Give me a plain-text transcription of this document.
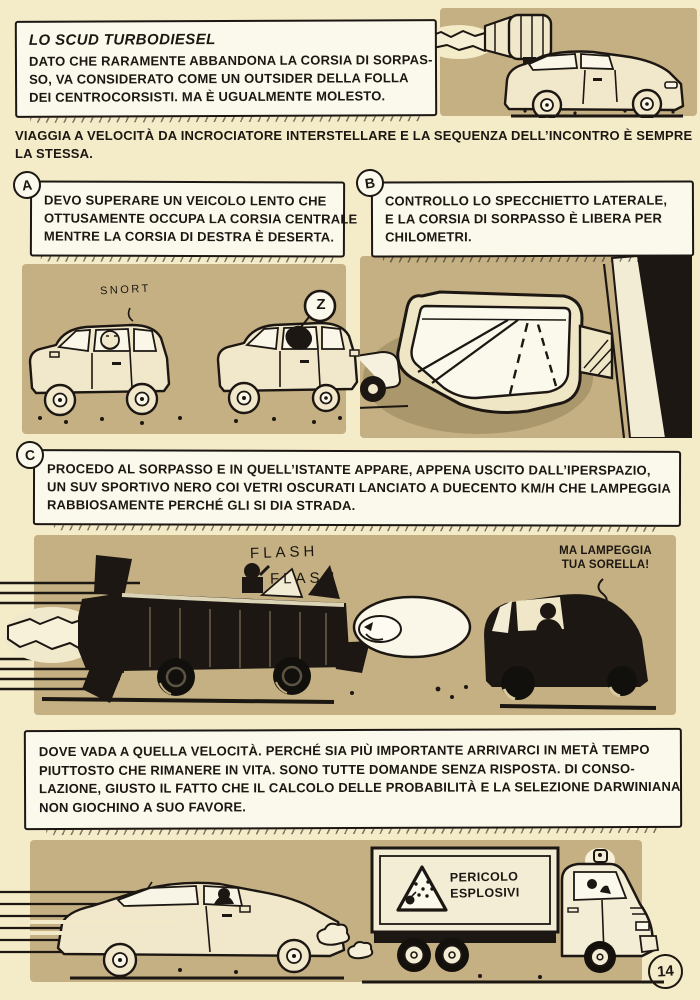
LO SCUD TURBODIESEL
DATO CHE RARAMENTE ABBANDONA LA CORSIA DI SORPAS-
SO, VA CONSIDERATO COME UN OUTSIDER DELLA FOLLA
DEI CENTROCORSISTI. MA È UGUALMENTE MOLESTO.

VIAGGIA A VELOCITÀ DA INCROCIATORE INTERSTELLARE E LA SEQUENZA DELL’INCONTRO È SEMPRE
LA STESSA.

A
DEVO SUPERARE UN VEICOLO LENTO CHE
OTTUSAMENTE OCCUPA LA CORSIA CENTRALE
MENTRE LA CORSIA DI DESTRA È DESERTA.
SNORT
Z
B
CONTROLLO LO SPECCHIETTO LATERALE,
E LA CORSIA DI SORPASSO È LIBERA PER
CHILOMETRI.
C
PROCEDO AL SORPASSO E IN QUELL’ISTANTE APPARE, APPENA USCITO DALL’IPERSPAZIO,
UN SUV SPORTIVO NERO COI VETRI OSCURATI LANCIATO A DUECENTO KM/H CHE LAMPEGGIA
RABBIOSAMENTE PERCHÉ GLI SI DIA STRADA.
FLASH
FLASH
MA LAMPEGGIA
TUA SORELLA!
DOVE VADA A QUELLA VELOCITÀ. PERCHÉ SIA PIÙ IMPORTANTE ARRIVARCI IN METÀ TEMPO
PIUTTOSTO CHE RIMANERE IN VITA. SONO TUTTE DOMANDE SENZA RISPOSTA. DI CONSO-
LAZIONE, GIUSTO IL FATTO CHE IL CALCOLO DELLE PROBABILITÀ E LA SELEZIONE DARWINIANA
NON GIOCHINO A SUO FAVORE.
PERICOLO
ESPLOSIVI
14
